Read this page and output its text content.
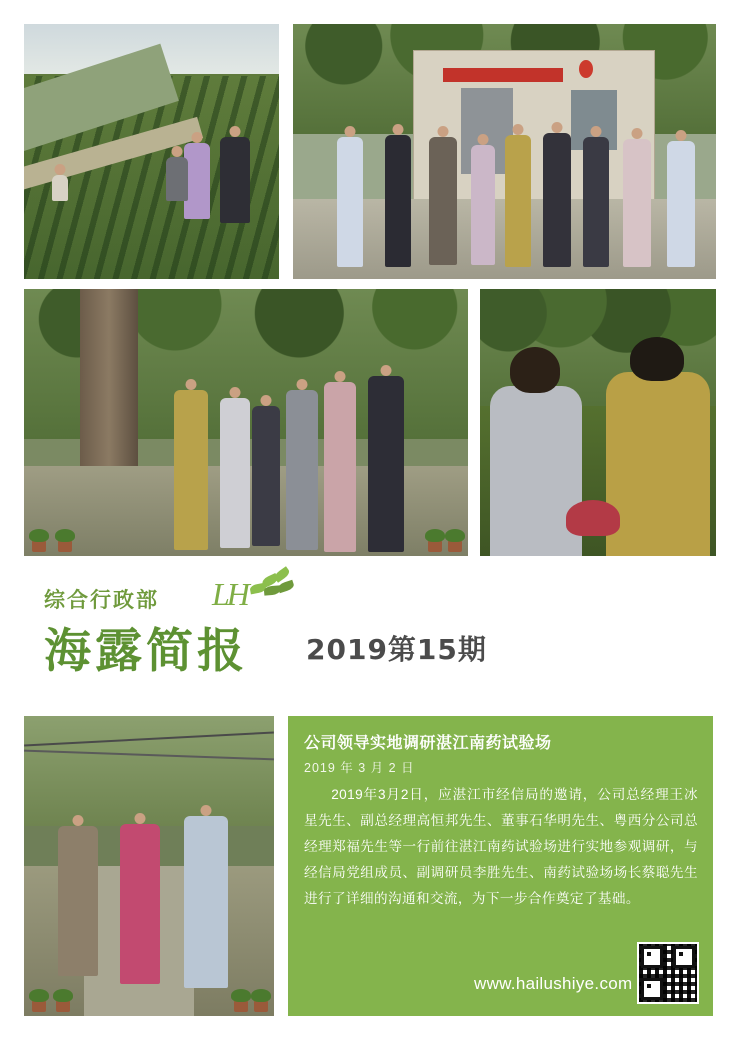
综合行政部 LH
海露简报 2019第15期
公司领导实地调研湛江南药试验场
2019 年 3 月 2 日
2019年3月2日，应湛江市经信局的邀请，公司总经理王冰星先生、副总经理高恒邦先生、董事石华明先生、粤西分公司总经理郑福先生等一行前往湛江南药试验场进行实地参观调研，与经信局党组成员、副调研员李胜先生、南药试验场场长蔡聪先生进行了详细的沟通和交流，为下一步合作奠定了基础。
www.hailushiye.com
